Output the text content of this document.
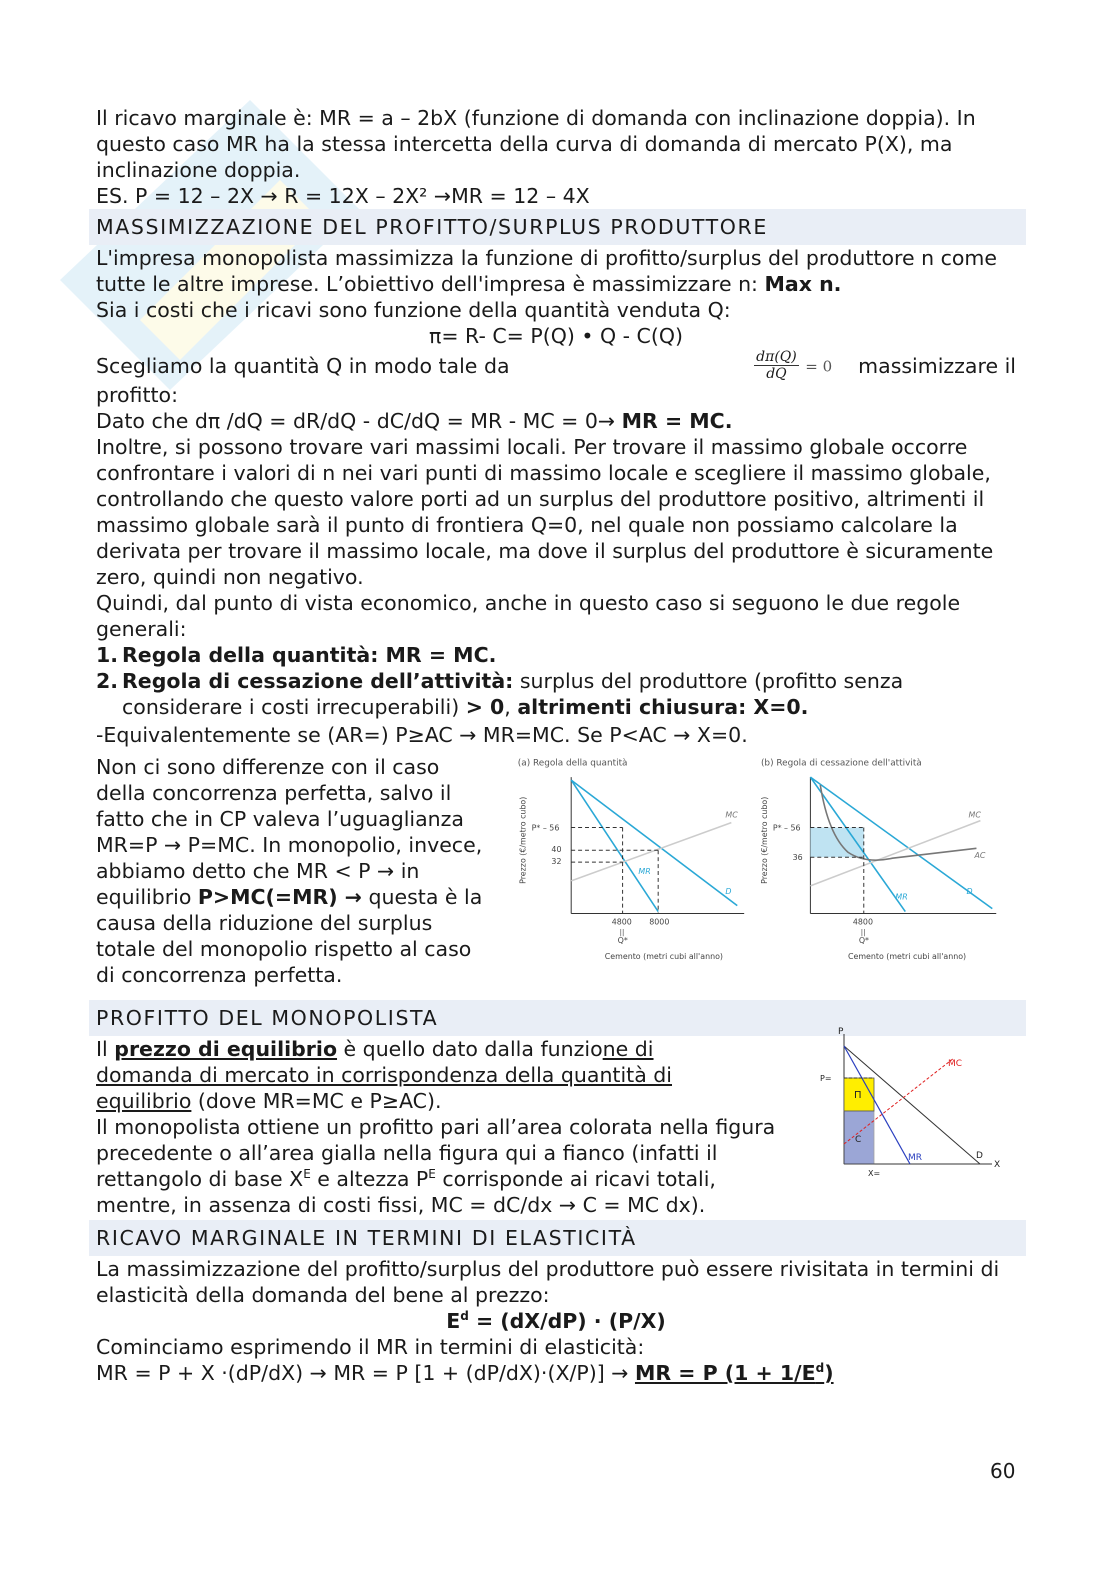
Il ricavo marginale è: MR = a – 2bX (funzione di domanda con inclinazione doppia). In questo caso MR ha la stessa intercetta della curva di domanda di mercato P(X), ma inclinazione doppia.

ES. P = 12 – 2X → R = 12X – 2X² →MR = 12 – 4X

MASSIMIZZAZIONE DEL PROFITTO/SURPLUS PRODUTTORE

L'impresa monopolista massimizza la funzione di profitto/surplus del produttore n come tutte le altre imprese. L’obiettivo dell'impresa è massimizzare n: Max n.

Sia i costi che i ricavi sono funzione della quantità venduta Q:

π= R- C= P(Q) • Q - C(Q)

Scegliamo la quantità Q in modo tale da	$\frac{d\pi(Q)}{dQ} = 0$ massimizzare il

profitto:

Dato che dπ /dQ = dR/dQ - dC/dQ = MR - MC = 0→ MR = MC.

Inoltre, si possono trovare vari massimi locali. Per trovare il massimo globale occorre confrontare i valori di n nei vari punti di massimo locale e scegliere il massimo globale, controllando che questo valore porti ad un surplus del produttore positivo, altrimenti il massimo globale sarà il punto di frontiera Q=0, nel quale non possiamo calcolare la derivata per trovare il massimo locale, ma dove il surplus del produttore è sicuramente zero, quindi non negativo.

Quindi, dal punto di vista economico, anche in questo caso si seguono le due regole generali:

1. Regola della quantità: MR = MC.
2. Regola di cessazione dell’attività: surplus del produttore (profitto senza considerare i costi irrecuperabili) > 0, altrimenti chiusura: X=0.

-Equivalentemente se (AR=) P≥AC → MR=MC. Se P<AC → X=0.

Non ci sono differenze con il caso della concorrenza perfetta, salvo il fatto che in CP valeva l’uguaglianza MR=P → P=MC. In monopolio, invece, abbiamo detto che MR < P → in equilibrio P>MC(=MR) → questa è la causa della riduzione del surplus totale del monopolio rispetto al caso di concorrenza perfetta.

(a) Regola della quantità	(b) Regola di cessazione dell'attività
Prezzo (€/metro cubo) P* – 56
40
32
4800 8000
||
Q*
MC
MR
D
Cemento (metri cubi all'anno)
Prezzo (€/metro cubo) P* – 56
36
4800
||
Q*
MC
AC
MR
D
Cemento (metri cubi all'anno)
PROFITTO DEL MONOPOLISTA

Il prezzo di equilibrio è quello dato dalla funzione di domanda di mercato in corrispondenza della quantità di equilibrio (dove MR=MC e P≥AC).

Il monopolista ottiene un profitto pari all’area colorata nella figura precedente o all’area gialla nella figura qui a fianco (infatti il rettangolo di base $X^E$ e altezza $P^E$ corrisponde ai ricavi totali, mentre, in assenza di costi fissi, MC = dC/dx → C = MC dx).

P
P=
MC
Π
C
MR	D
X
X=
RICAVO MARGINALE IN TERMINI DI ELASTICITÀ

La massimizzazione del profitto/surplus del produttore può essere rivisitata in termini di elasticità della domanda del bene al prezzo:

$E^d = (dX/dP) \cdot (P/X)$

Cominciamo esprimendo il MR in termini di elasticità:

MR = P + X ·(dP/dX) → MR = P [1 + (dP/dX)·(X/P)] → MR = P $(1 + 1/E^d)$

60
